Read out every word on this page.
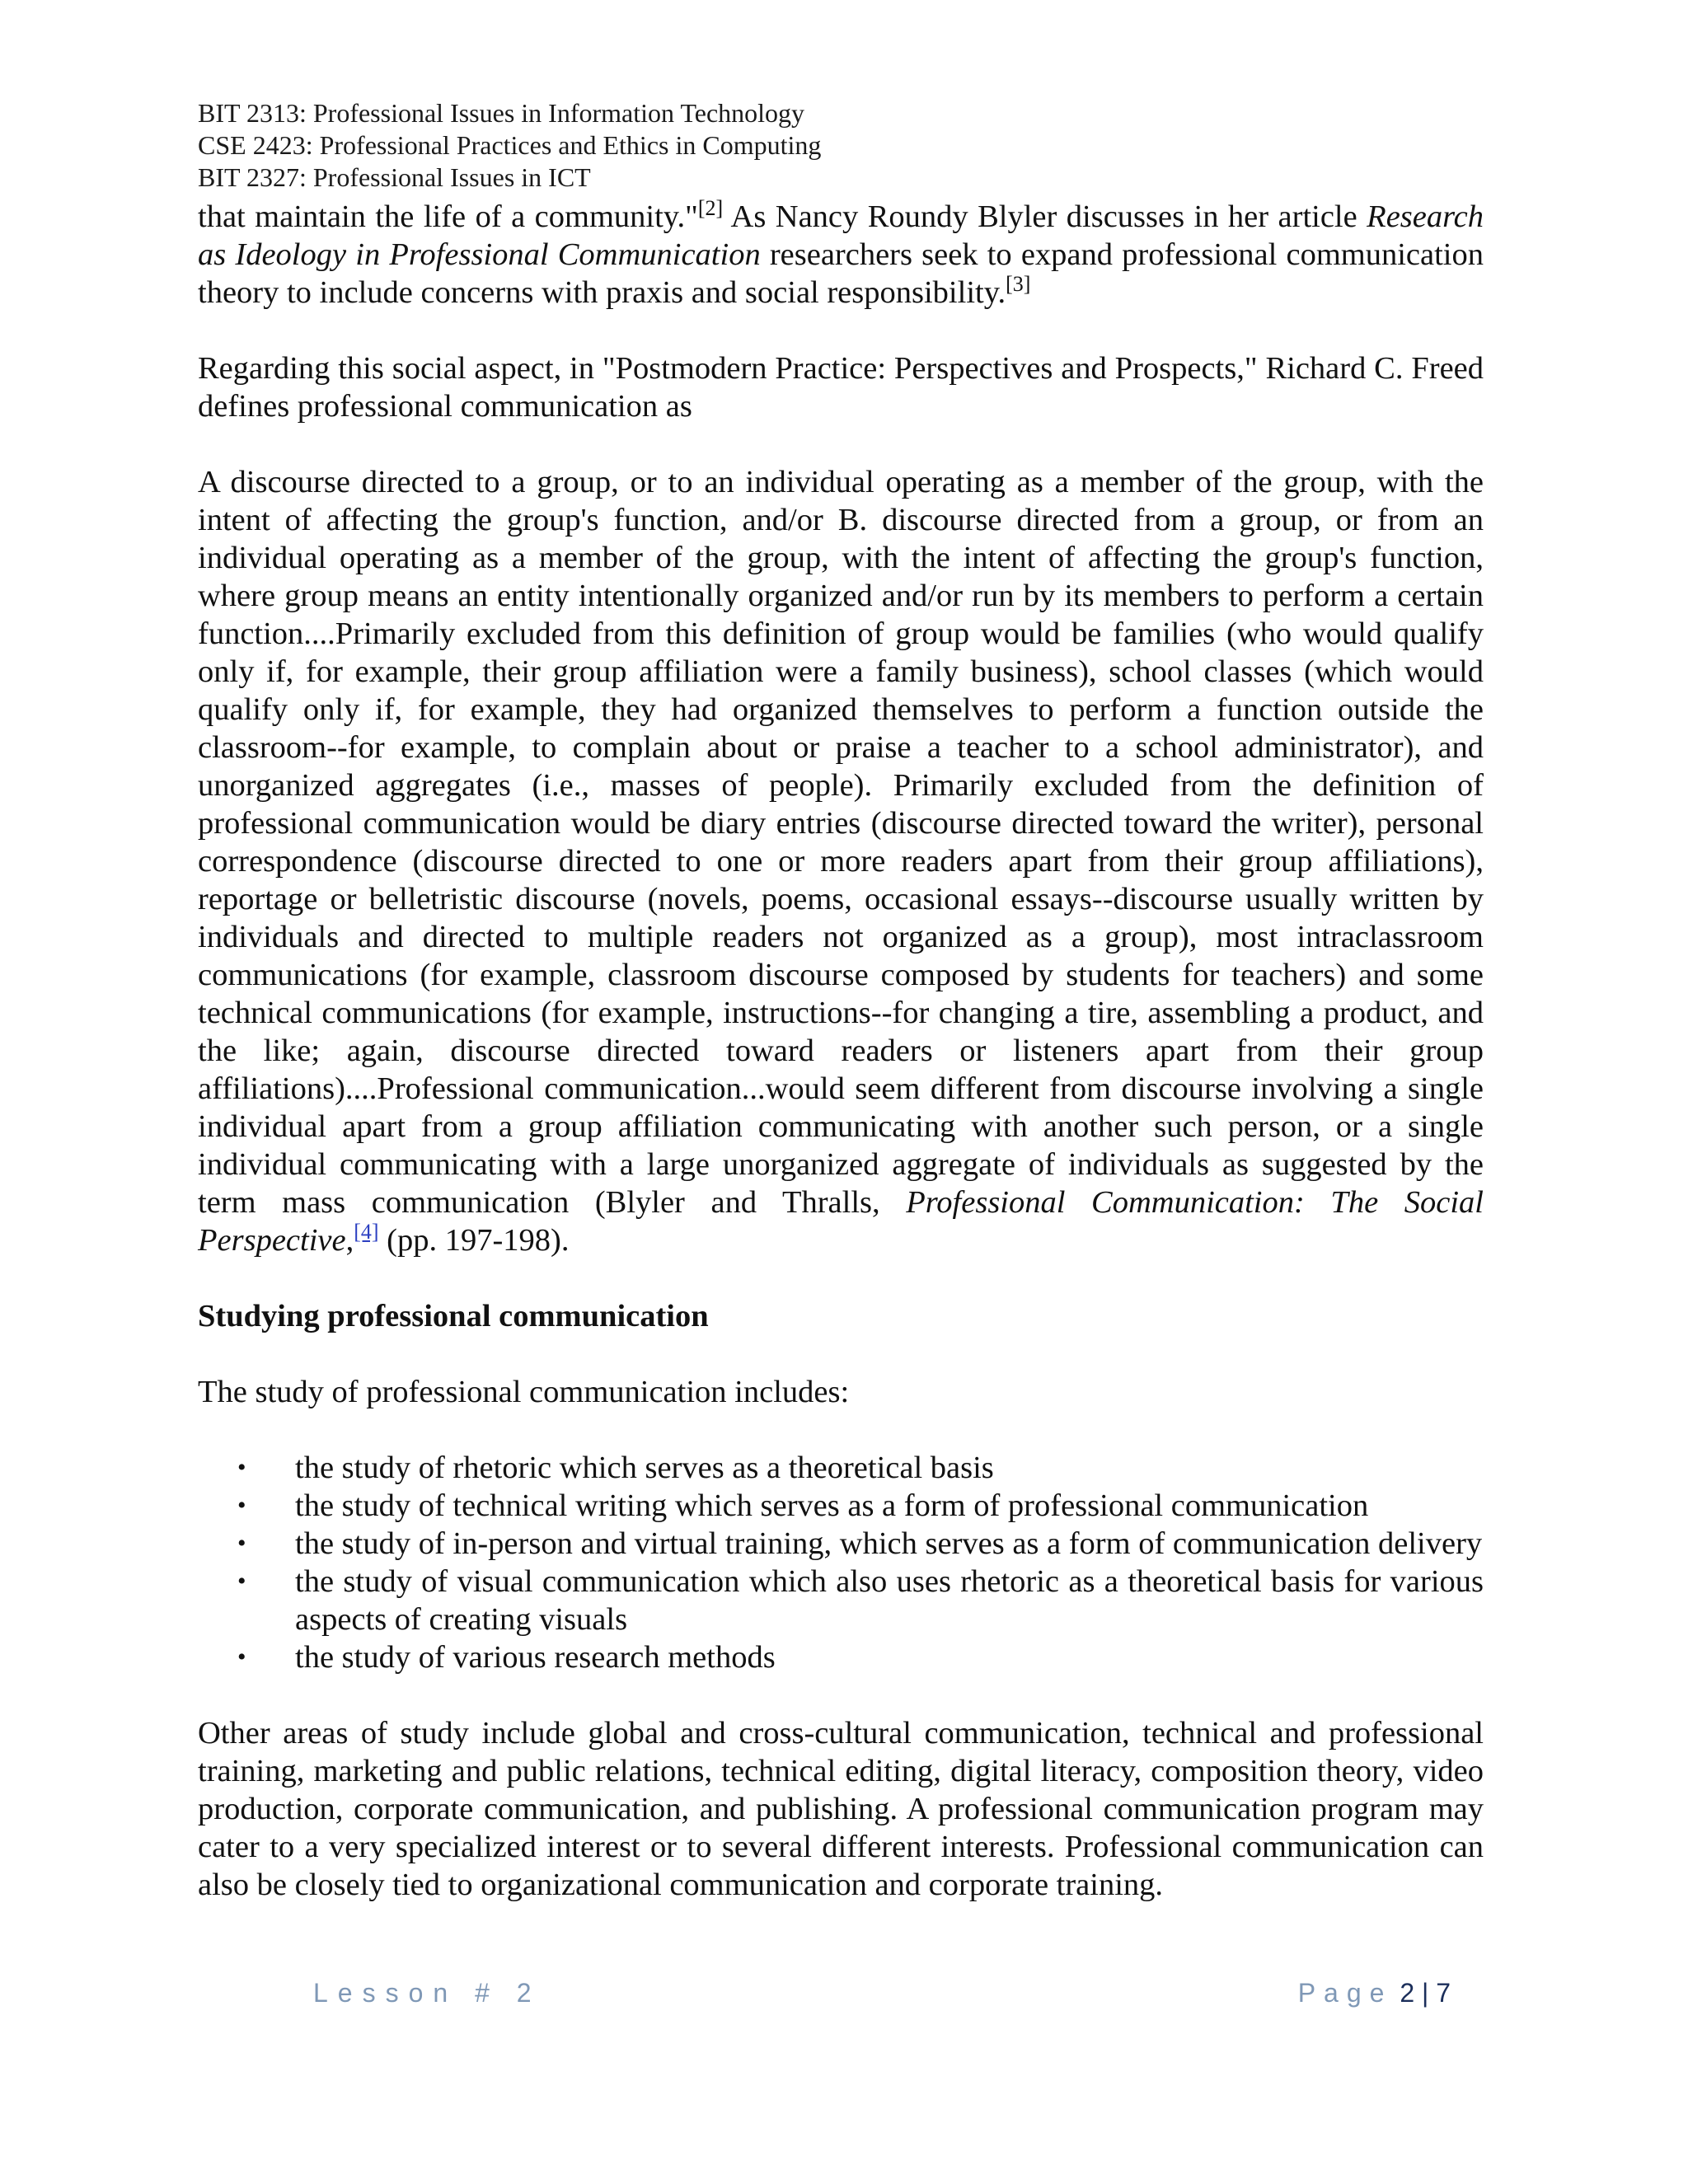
BIT 2313: Professional Issues in Information Technology
CSE 2423: Professional Practices and Ethics in Computing
BIT 2327: Professional Issues in ICT

that maintain the life of a community."[2] As Nancy Roundy Blyler discusses in her article Research as Ideology in Professional Communication researchers seek to expand professional communication theory to include concerns with praxis and social responsibility.[3]

Regarding this social aspect, in "Postmodern Practice: Perspectives and Prospects," Richard C. Freed defines professional communication as

A discourse directed to a group, or to an individual operating as a member of the group, with the intent of affecting the group's function, and/or B. discourse directed from a group, or from an individual operating as a member of the group, with the intent of affecting the group's function, where group means an entity intentionally organized and/or run by its members to perform a certain function....Primarily excluded from this definition of group would be families (who would qualify only if, for example, their group affiliation were a family business), school classes (which would qualify only if, for example, they had organized themselves to perform a function outside the classroom--for example, to complain about or praise a teacher to a school administrator), and unorganized aggregates (i.e., masses of people). Primarily excluded from the definition of professional communication would be diary entries (discourse directed toward the writer), personal correspondence (discourse directed to one or more readers apart from their group affiliations), reportage or belletristic discourse (novels, poems, occasional essays--discourse usually written by individuals and directed to multiple readers not organized as a group), most intraclassroom communications (for example, classroom discourse composed by students for teachers) and some technical communications (for example, instructions--for changing a tire, assembling a product, and the like; again, discourse directed toward readers or listeners apart from their group affiliations)....Professional communication...would seem different from discourse involving a single individual apart from a group affiliation communicating with another such person, or a single individual communicating with a large unorganized aggregate of individuals as suggested by the term mass communication (Blyler and Thralls, Professional Communication: The Social Perspective,[4] (pp. 197-198).

Studying professional communication

The study of professional communication includes:

• the study of rhetoric which serves as a theoretical basis
• the study of technical writing which serves as a form of professional communication
• the study of in-person and virtual training, which serves as a form of communication delivery
• the study of visual communication which also uses rhetoric as a theoretical basis for various aspects of creating visuals
• the study of various research methods

Other areas of study include global and cross-cultural communication, technical and professional training, marketing and public relations, technical editing, digital literacy, composition theory, video production, corporate communication, and publishing. A professional communication program may cater to a very specialized interest or to several different interests. Professional communication can also be closely tied to organizational communication and corporate training.

Lesson # 2	Page 2 | 7
